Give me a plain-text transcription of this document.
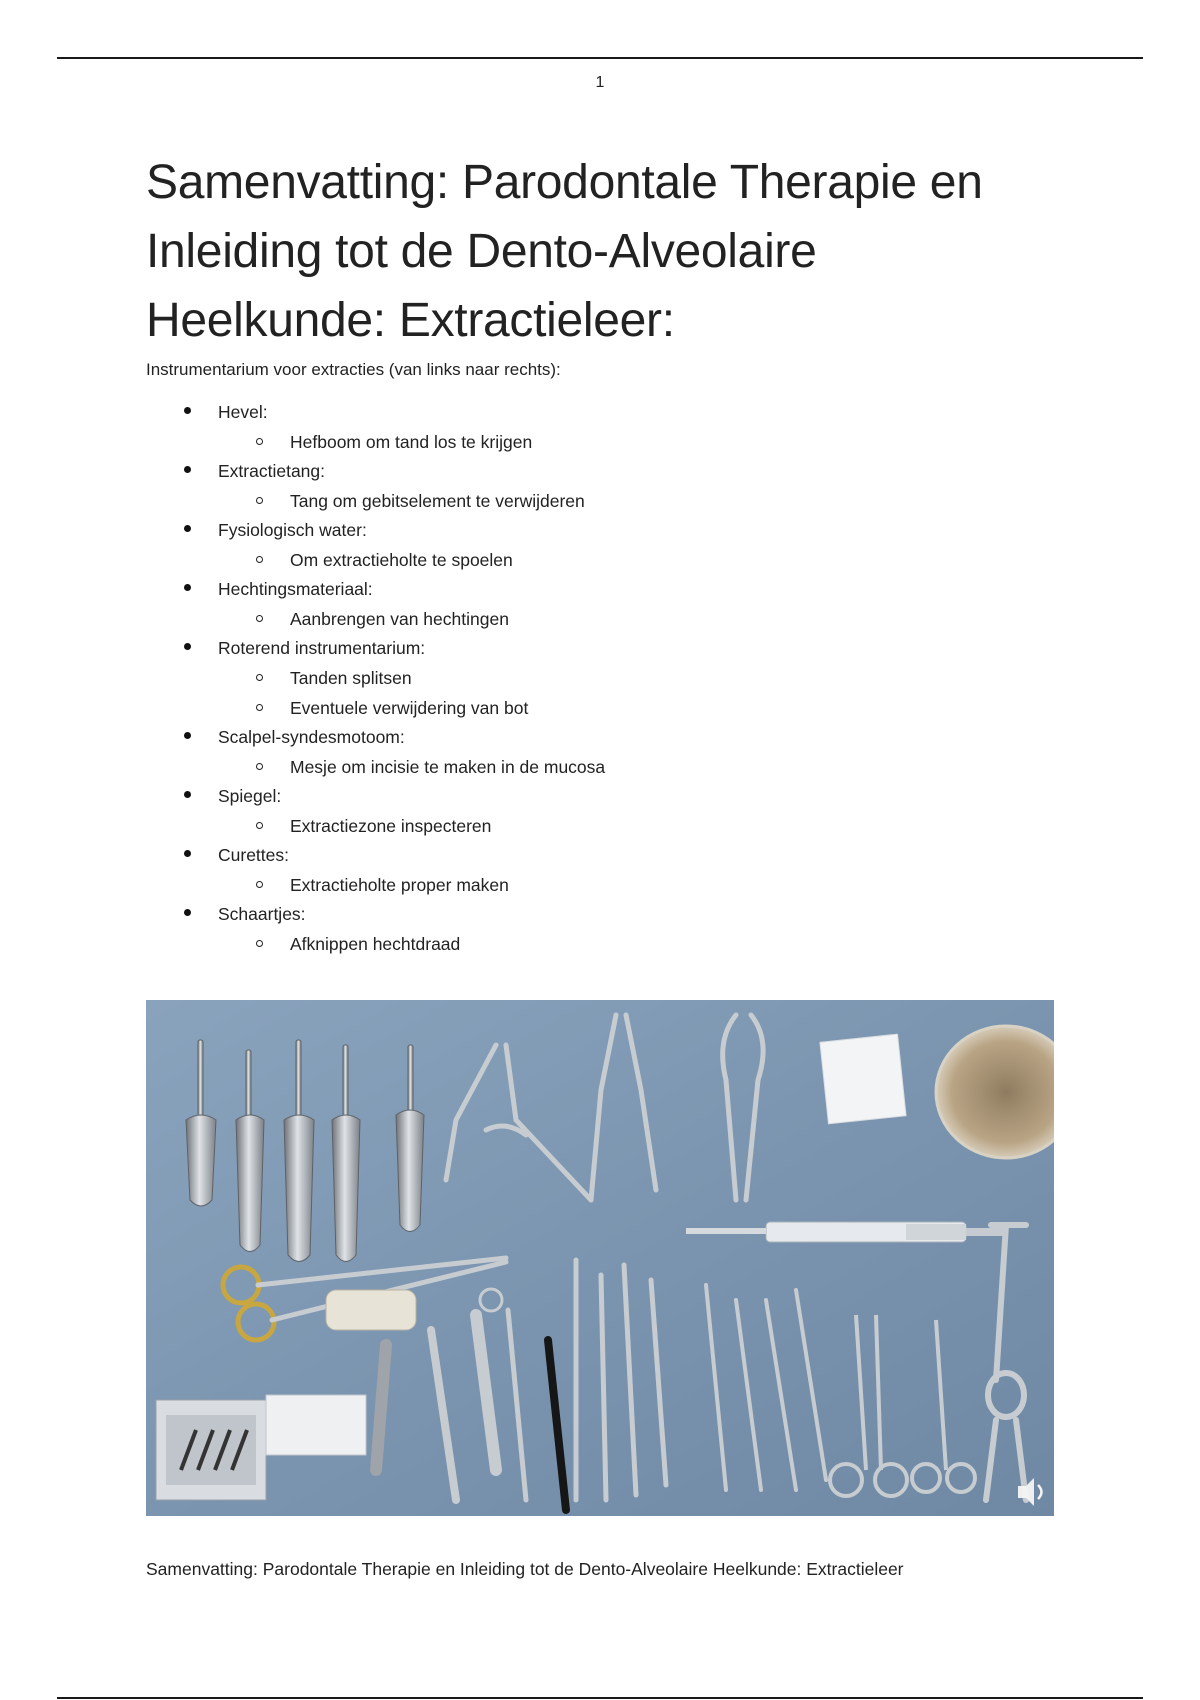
1
Samenvatting: Parodontale Therapie en
Inleiding tot de Dento-Alveolaire
Heelkunde: Extractieleer:

Instrumentarium voor extracties (van links naar rechts):

Hevel:
Hefboom om tand los te krijgen
Extractietang:
Tang om gebitselement te verwijderen
Fysiologisch water:
Om extractieholte te spoelen
Hechtingsmateriaal:
Aanbrengen van hechtingen
Roterend instrumentarium:
Tanden splitsen
Eventuele verwijdering van bot
Scalpel-syndesmotoom:
Mesje om incisie te maken in de mucosa
Spiegel:
Extractiezone inspecteren
Curettes:
Extractieholte proper maken
Schaartjes:
Afknippen hechtdraad
Samenvatting: Parodontale Therapie en Inleiding tot de Dento-Alveolaire Heelkunde: Extractieleer
